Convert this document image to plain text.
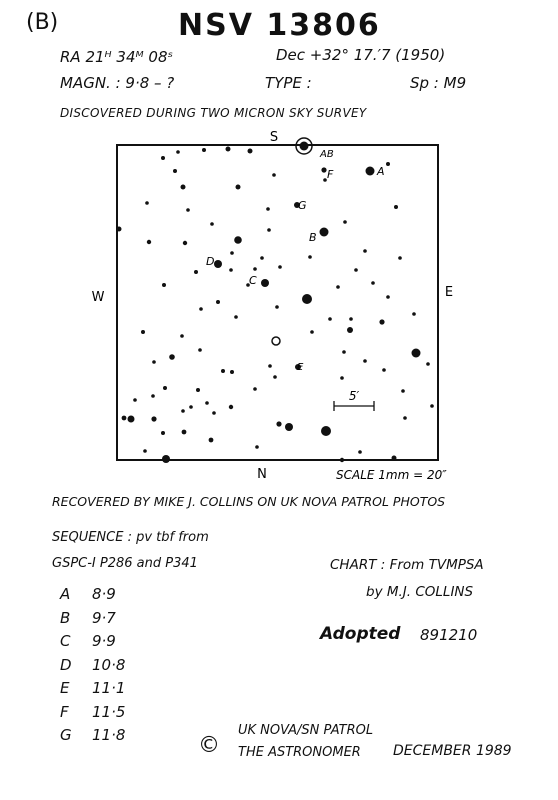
(B)	NSV 13806
RA 21ᴴ 34ᴹ 08ˢ	Dec +32° 17.′7 (1950)
MAGN. : 9·8 – ?	TYPE :	Sp : M9
DISCOVERED DURING TWO MICRON SKY SURVEY
S
N
W	E
AB
A
F
G
B
D
C
E
5′
SCALE 1mm = 20″
RECOVERED BY MIKE J. COLLINS ON UK NOVA PATROL PHOTOS
SEQUENCE : pv tbf from
GSPC-I P286 and P341
A 8·9
B 9·7
C 9·9
D 10·8
E 11·1
F 11·5
G 11·8
CHART : From TVMPSA
by M.J. COLLINS
Adopted 891210
©
UK NOVA/SN PATROL
THE ASTRONOMER DECEMBER 1989
